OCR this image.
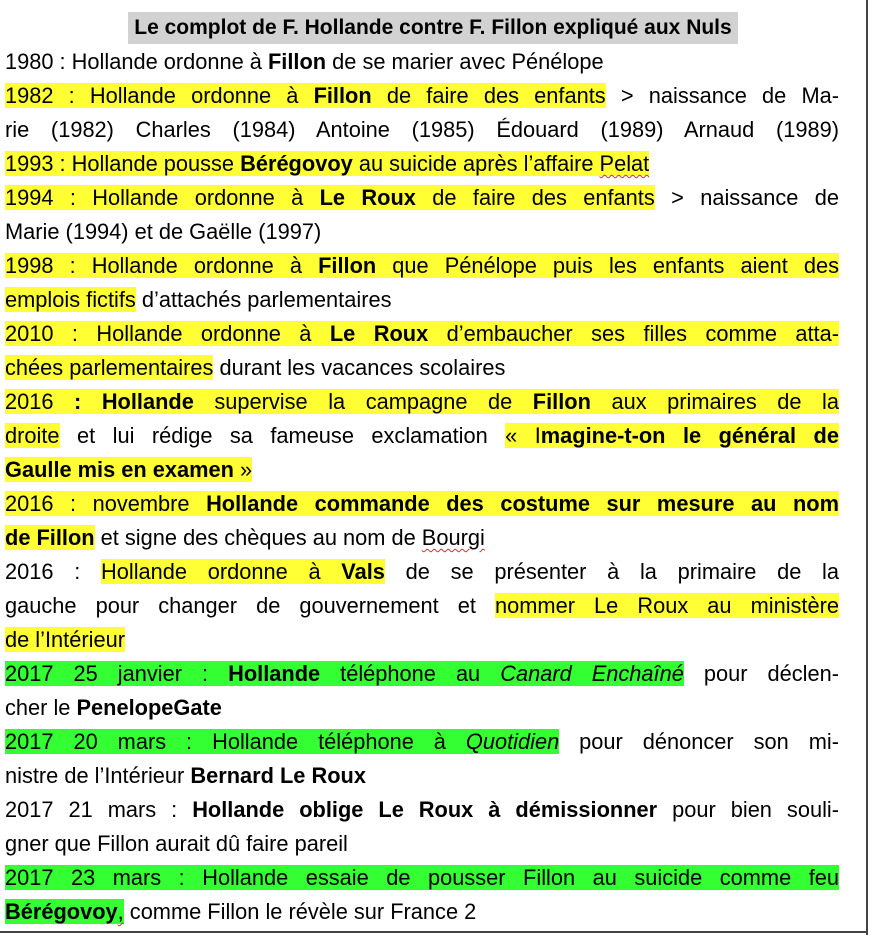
Le complot de F. Hollande contre F. Fillon expliqué aux Nuls
1980 : Hollande ordonne à Fillon de se marier avec Pénélope
1982 : Hollande ordonne à Fillon de faire des enfants > naissance de Ma-
rie (1982) Charles (1984) Antoine (1985) Édouard (1989) Arnaud (1989)
1993 : Hollande pousse Bérégovoy au suicide après l’affaire Pelat
1994 : Hollande ordonne à Le Roux de faire des enfants > naissance de
Marie (1994) et de Gaëlle (1997)
1998 : Hollande ordonne à Fillon que Pénélope puis les enfants aient des
emplois fictifs d’attachés parlementaires
2010 : Hollande ordonne à Le Roux d’embaucher ses filles comme atta-
chées parlementaires durant les vacances scolaires
2016 : Hollande supervise la campagne de Fillon aux primaires de la
droite et lui rédige sa fameuse exclamation « Imagine-t-on le général de
Gaulle mis en examen »
2016 : novembre Hollande commande des costume sur mesure au nom
de Fillon et signe des chèques au nom de Bourgi
2016 : Hollande ordonne à Vals de se présenter à la primaire de la
gauche pour changer de gouvernement et nommer Le Roux au ministère
de l’Intérieur
2017 25 janvier : Hollande téléphone au Canard Enchaîné pour déclen-
cher le PenelopeGate
2017 20 mars : Hollande téléphone à Quotidien pour dénoncer son mi-
nistre de l’Intérieur Bernard Le Roux
2017 21 mars : Hollande oblige Le Roux à démissionner pour bien souli-
gner que Fillon aurait dû faire pareil
2017 23 mars : Hollande essaie de pousser Fillon au suicide comme feu
Bérégovoy, comme Fillon le révèle sur France 2
